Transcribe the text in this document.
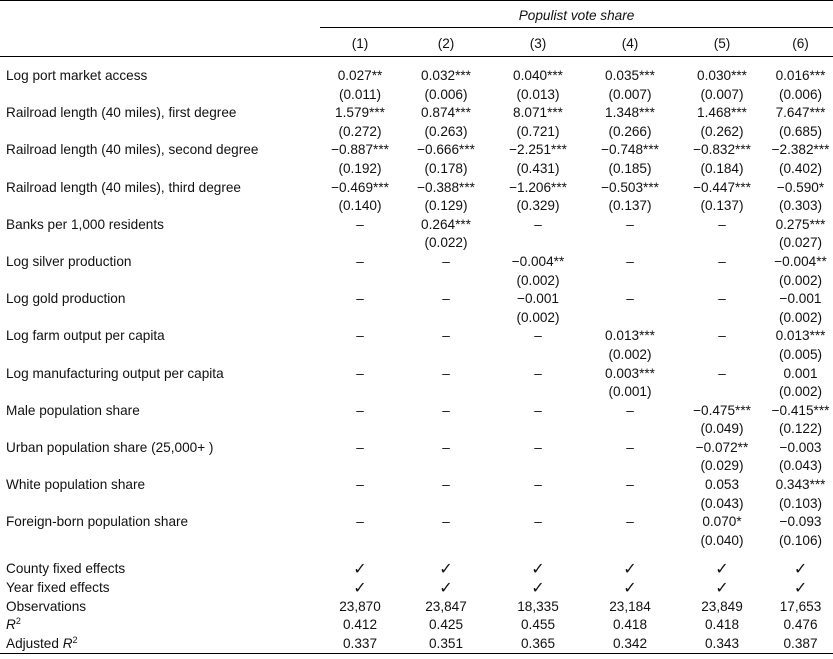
	Populist vote share					
	(1)	(2)	(3)	(4)	(5)	(6)

Log port market access	0.027**	0.032***	0.040***	0.035***	0.030***	0.016***
	(0.011)	(0.006)	(0.013)	(0.007)	(0.007)	(0.006)
Railroad length (40 miles), first degree	1.579***	0.874***	8.071***	1.348***	1.468***	7.647***
	(0.272)	(0.263)	(0.721)	(0.266)	(0.262)	(0.685)
Railroad length (40 miles), second degree	−0.887***	−0.666***	−2.251***	−0.748***	−0.832***	−2.382***
	(0.192)	(0.178)	(0.431)	(0.185)	(0.184)	(0.402)
Railroad length (40 miles), third degree	−0.469***	−0.388***	−1.206***	−0.503***	−0.447***	−0.590*
	(0.140)	(0.129)	(0.329)	(0.137)	(0.137)	(0.303)
Banks per 1,000 residents	–	0.264***	–	–	–	0.275***
		(0.022)				(0.027)
Log silver production	–	–	−0.004**	–	–	−0.004**
			(0.002)			(0.002)
Log gold production	–	–	−0.001	–	–	−0.001
			(0.002)			(0.002)
Log farm output per capita	–	–	–	0.013***	–	0.013***
				(0.002)		(0.005)
Log manufacturing output per capita	–	–	–	0.003***	–	0.001
				(0.001)		(0.002)
Male population share	–	–	–	–	−0.475***	−0.415***
					(0.049)	(0.122)
Urban population share (25,000+ )	–	–	–	–	−0.072**	−0.003
					(0.029)	(0.043)
White population share	–	–	–	–	0.053	0.343***
					(0.043)	(0.103)
Foreign-born population share	–	–	–	–	0.070*	−0.093
					(0.040)	(0.106)

County fixed effects	✓	✓	✓	✓	✓	✓
Year fixed effects	✓	✓	✓	✓	✓	✓
Observations	23,870	23,847	18,335	23,184	23,849	17,653
$R^2$	0.412	0.425	0.455	0.418	0.418	0.476
Adjusted $R^2$	0.337	0.351	0.365	0.342	0.343	0.387
